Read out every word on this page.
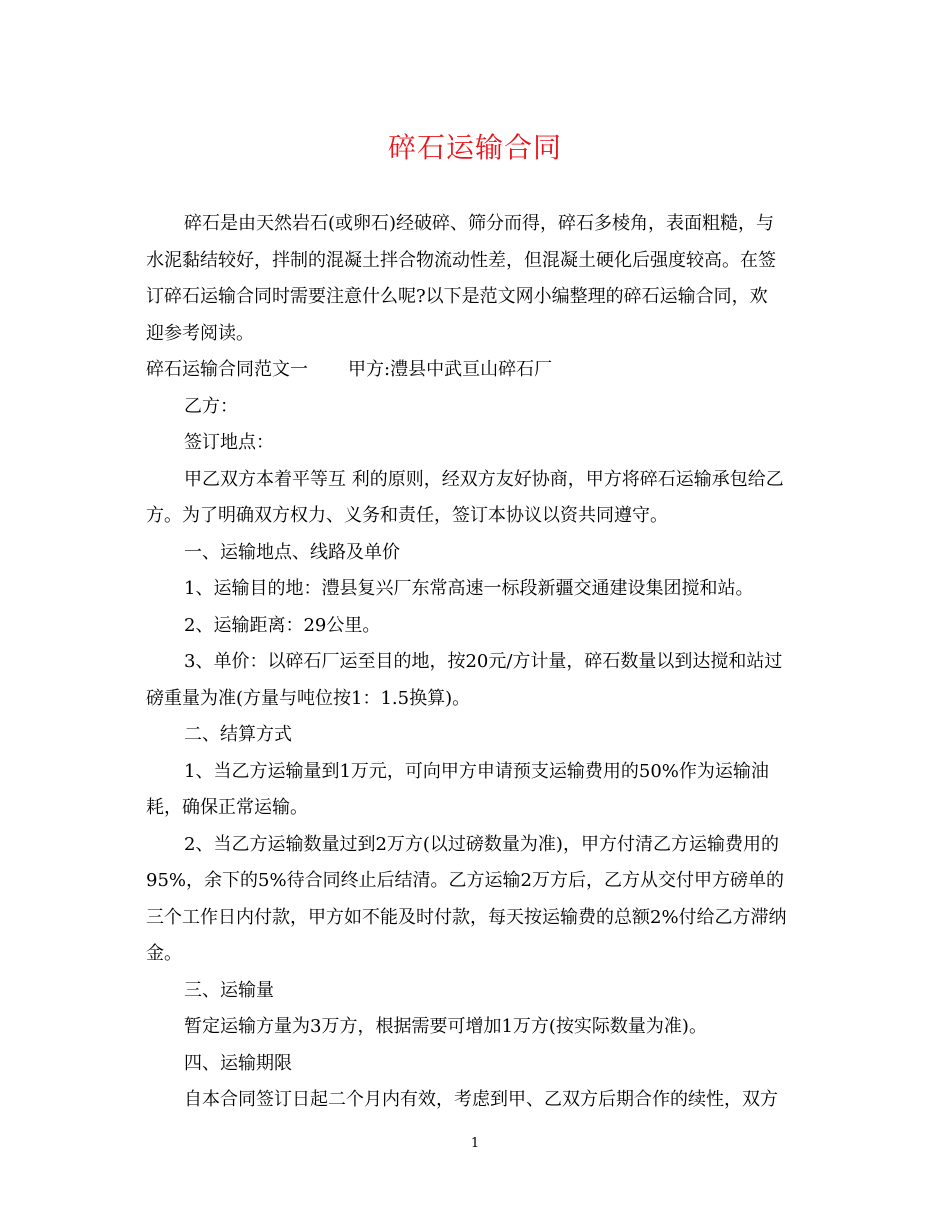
碎石运输合同

碎石是由天然岩石(或卵石)经破碎、筛分而得，碎石多棱角，表面粗糙，与

水泥黏结较好，拌制的混凝土拌合物流动性差，但混凝土硬化后强度较高。在签

订碎石运输合同时需要注意什么呢?以下是范文网小编整理的碎石运输合同，欢

迎参考阅读。

碎石运输合同范文一 甲方:澧县中武亘山碎石厂

乙方：

签订地点：

甲乙双方本着平等互 利的原则，经双方友好协商，甲方将碎石运输承包给乙

方。为了明确双方权力、义务和责任，签订本协议以资共同遵守。

一、运输地点、线路及单价

1、运输目的地：澧县复兴厂东常高速一标段新疆交通建设集团搅和站。

2、运输距离：29公里。

3、单价：以碎石厂运至目的地，按20元/方计量，碎石数量以到达搅和站过

磅重量为准(方量与吨位按1：1.5换算)。

二、结算方式

1、当乙方运输量到1万元，可向甲方申请预支运输费用的50%作为运输油

耗，确保正常运输。

2、当乙方运输数量过到2万方(以过磅数量为准)，甲方付清乙方运输费用的

95%，余下的5%待合同终止后结清。乙方运输2万方后，乙方从交付甲方磅单的

三个工作日内付款，甲方如不能及时付款，每天按运输费的总额2%付给乙方滞纳

金。

三、运输量

暂定运输方量为3万方，根据需要可增加1万方(按实际数量为准)。

四、运输期限

自本合同签订日起二个月内有效，考虑到甲、乙双方后期合作的续性，双方

1
